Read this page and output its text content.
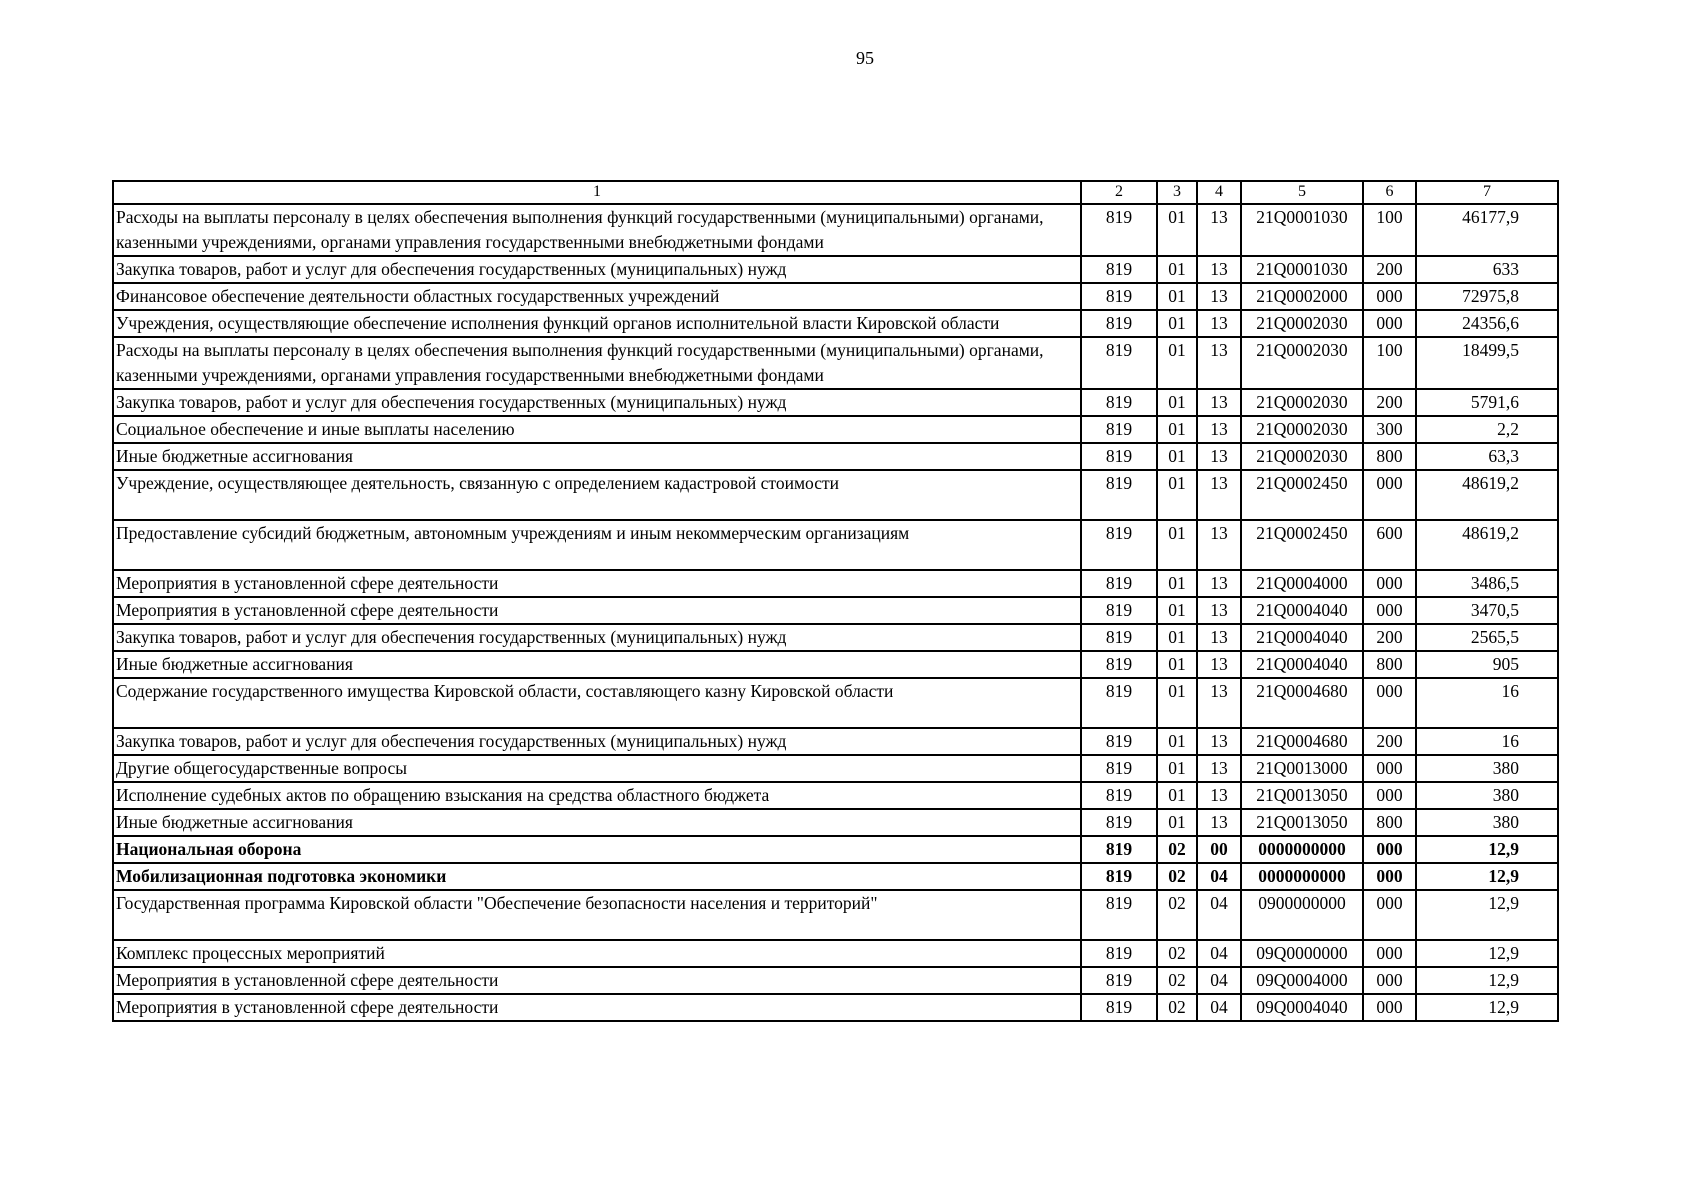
95
1	2	3	4	5	6	7
Расходы на выплаты персоналу в целях обеспечения выполнения функций государственными (муниципальными) органами, казенными учреждениями, органами управления государственными внебюджетными фондами	819	01	13	21Q0001030	100	46177,9
Закупка товаров, работ и услуг для обеспечения государственных (муниципальных) нужд	819	01	13	21Q0001030	200	633
Финансовое обеспечение деятельности областных государственных учреждений	819	01	13	21Q0002000	000	72975,8
Учреждения, осуществляющие обеспечение исполнения функций органов исполнительной власти Кировской области	819	01	13	21Q0002030	000	24356,6
Расходы на выплаты персоналу в целях обеспечения выполнения функций государственными (муниципальными) органами, казенными учреждениями, органами управления государственными внебюджетными фондами	819	01	13	21Q0002030	100	18499,5
Закупка товаров, работ и услуг для обеспечения государственных (муниципальных) нужд	819	01	13	21Q0002030	200	5791,6
Социальное обеспечение и иные выплаты населению	819	01	13	21Q0002030	300	2,2
Иные бюджетные ассигнования	819	01	13	21Q0002030	800	63,3
Учреждение, осуществляющее деятельность, связанную с определением кадастровой стоимости	819	01	13	21Q0002450	000	48619,2
Предоставление субсидий бюджетным, автономным учреждениям и иным некоммерческим организациям	819	01	13	21Q0002450	600	48619,2
Мероприятия в установленной сфере деятельности	819	01	13	21Q0004000	000	3486,5
Мероприятия в установленной сфере деятельности	819	01	13	21Q0004040	000	3470,5
Закупка товаров, работ и услуг для обеспечения государственных (муниципальных) нужд	819	01	13	21Q0004040	200	2565,5
Иные бюджетные ассигнования	819	01	13	21Q0004040	800	905
Содержание государственного имущества Кировской области, составляющего казну Кировской области	819	01	13	21Q0004680	000	16
Закупка товаров, работ и услуг для обеспечения государственных (муниципальных) нужд	819	01	13	21Q0004680	200	16
Другие общегосударственные вопросы	819	01	13	21Q0013000	000	380
Исполнение судебных актов по обращению взыскания на средства областного бюджета	819	01	13	21Q0013050	000	380
Иные бюджетные ассигнования	819	01	13	21Q0013050	800	380
Национальная оборона	819	02	00	0000000000	000	12,9
Мобилизационная подготовка экономики	819	02	04	0000000000	000	12,9
Государственная программа Кировской области "Обеспечение безопасности населения и территорий"	819	02	04	0900000000	000	12,9
Комплекс процессных мероприятий	819	02	04	09Q0000000	000	12,9
Мероприятия в установленной сфере деятельности	819	02	04	09Q0004000	000	12,9
Мероприятия в установленной сфере деятельности	819	02	04	09Q0004040	000	12,9
